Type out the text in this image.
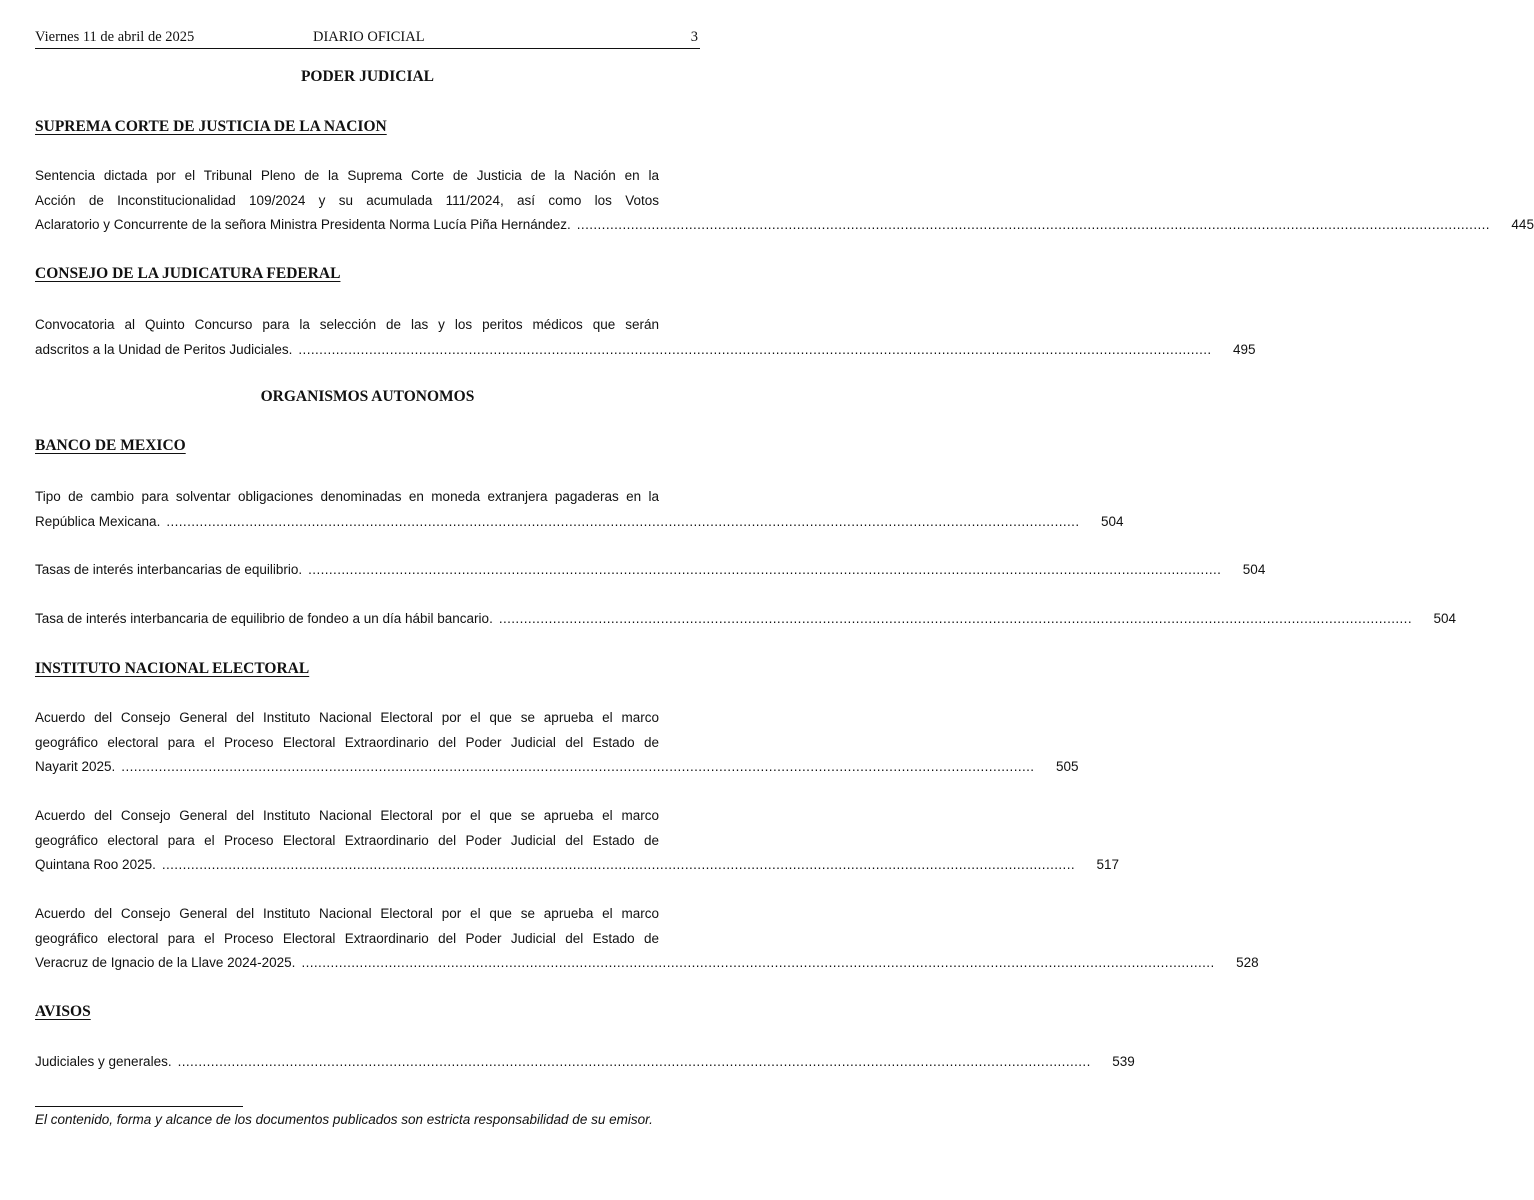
Viernes 11 de abril de 2025	DIARIO OFICIAL	3
PODER JUDICIAL
SUPREMA CORTE DE JUSTICIA DE LA NACION
Sentencia dictada por el Tribunal Pleno de la Suprema Corte de Justicia de la Nación en la
Acción de Inconstitucionalidad 109/2024 y su acumulada 111/2024, así como los Votos
Aclaratorio y Concurrente de la señora Ministra Presidenta Norma Lucía Piña Hernández. ............................................................................................................................................................................................................................	445
CONSEJO DE LA JUDICATURA FEDERAL
Convocatoria al Quinto Concurso para la selección de las y los peritos médicos que serán
adscritos a la Unidad de Peritos Judiciales. ............................................................................................................................................................................................................................	495
ORGANISMOS AUTONOMOS
BANCO DE MEXICO
Tipo de cambio para solventar obligaciones denominadas en moneda extranjera pagaderas en la
República Mexicana. ............................................................................................................................................................................................................................	504
Tasas de interés interbancarias de equilibrio. ............................................................................................................................................................................................................................	504
Tasa de interés interbancaria de equilibrio de fondeo a un día hábil bancario. ............................................................................................................................................................................................................................	504
INSTITUTO NACIONAL ELECTORAL
Acuerdo del Consejo General del Instituto Nacional Electoral por el que se aprueba el marco
geográfico electoral para el Proceso Electoral Extraordinario del Poder Judicial del Estado de
Nayarit 2025. ............................................................................................................................................................................................................................	505
Acuerdo del Consejo General del Instituto Nacional Electoral por el que se aprueba el marco
geográfico electoral para el Proceso Electoral Extraordinario del Poder Judicial del Estado de
Quintana Roo 2025. ............................................................................................................................................................................................................................	517
Acuerdo del Consejo General del Instituto Nacional Electoral por el que se aprueba el marco
geográfico electoral para el Proceso Electoral Extraordinario del Poder Judicial del Estado de
Veracruz de Ignacio de la Llave 2024-2025. ............................................................................................................................................................................................................................	528
AVISOS
Judiciales y generales. ............................................................................................................................................................................................................................	539
El contenido, forma y alcance de los documentos publicados son estricta responsabilidad de su emisor.
